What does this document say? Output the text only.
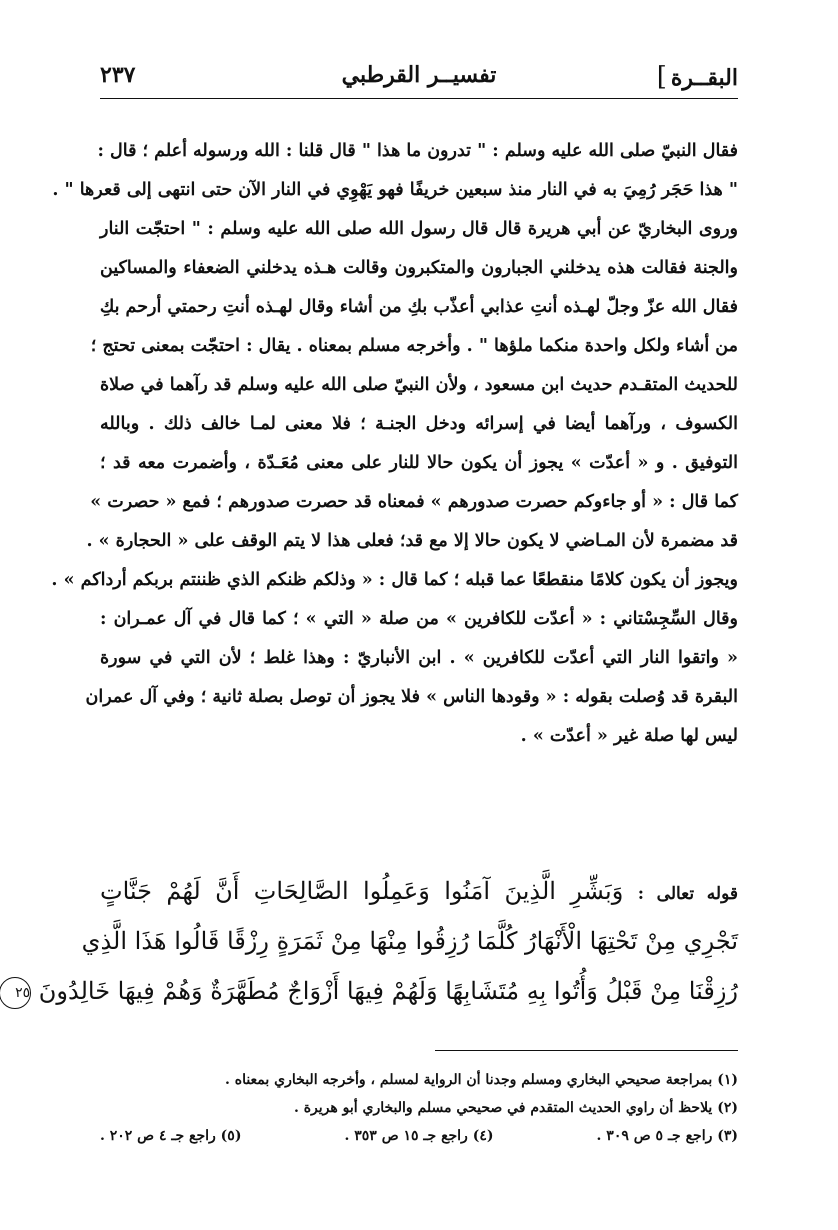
البقــرة]
تفسيــر القرطبي
٢٣٧
فقال النبيّ صلى الله عليه وسلم : " تدرون ما هذا " قال قلنا : الله ورسوله أعلم ؛ قال :
" هذا حَجَر رُمِيَ به في النار منذ سبعين خريفًا فهو يَهْوِي في النار الآن حتى انتهى إلى قعرها " .
وروى البخاريّ عن أبي هريرة قال قال رسول الله صلى الله عليه وسلم : " احتجّت النار
والجنة فقالت هذه يدخلني الجبارون والمتكبرون وقالت هـذه يدخلني الضعفاء والمساكين
فقال الله عزّ وجلّ لهـذه أنتِ عذابي أعذّب بكِ من أشاء وقال لهـذه أنتِ رحمتي أرحم بكِ
من أشاء ولكل واحدة منكما ملؤها " . وأخرجه مسلم بمعناه . يقال : احتجّت بمعنى تحتج ؛
للحديث المتقـدم حديث ابن مسعود ، ولأن النبيّ صلى الله عليه وسلم قد رآهما في صلاة
الكسوف ، ورآهما أيضا في إسرائه ودخل الجنـة ؛ فلا معنى لمـا خالف ذلك . وبالله
التوفيق . و « أعدّت » يجوز أن يكون حالا للنار على معنى مُعَـدّة ، وأضمرت معه قد ؛
كما قال : « أو جاءوكم حصرت صدورهم » فمعناه قد حصرت صدورهم ؛ فمع « حصرت »
قد مضمرة لأن المـاضي لا يكون حالا إلا مع قد؛ فعلى هذا لا يتم الوقف على « الحجارة » .
ويجوز أن يكون كلامًا منقطعًا عما قبله ؛ كما قال : « وذلكم ظنكم الذي ظننتم بربكم أرداكم » .
وقال السِّجِسْتاني : « أعدّت للكافرين » من صلة « التي » ؛ كما قال في آل عمـران :
« واتقوا النار التي أعدّت للكافرين » . ابن الأنباريّ : وهذا غلط ؛ لأن التي في سورة
البقرة قد وُصلت بقوله : « وقودها الناس » فلا يجوز أن توصل بصلة ثانية ؛ وفي آل عمران
ليس لها صلة غير « أعدّت » .
قوله تعالى : وَبَشِّرِ الَّذِينَ آمَنُوا وَعَمِلُوا الصَّالِحَاتِ أَنَّ لَهُمْ جَنَّاتٍ
تَجْرِي مِنْ تَحْتِهَا الْأَنْهَارُ كُلَّمَا رُزِقُوا مِنْهَا مِنْ ثَمَرَةٍ رِزْقًا قَالُوا هَذَا الَّذِي
رُزِقْنَا مِنْ قَبْلُ وَأُتُوا بِهِ مُتَشَابِهًا وَلَهُمْ فِيهَا أَزْوَاجٌ مُطَهَّرَةٌ وَهُمْ فِيهَا خَالِدُونَ ٢٥
(١) بمراجعة صحيحي البخاري ومسلم وجدنا أن الرواية لمسلم ، وأخرجه البخاري بمعناه .
(٢) يلاحظ أن راوي الحديث المتقدم في صحيحي مسلم والبخاري أبو هريرة .
(٣) راجع جـ ٥ ص ٣٠٩ .
(٤) راجع جـ ١٥ ص ٣٥٣ .
(٥) راجع جـ ٤ ص ٢٠٢ .
